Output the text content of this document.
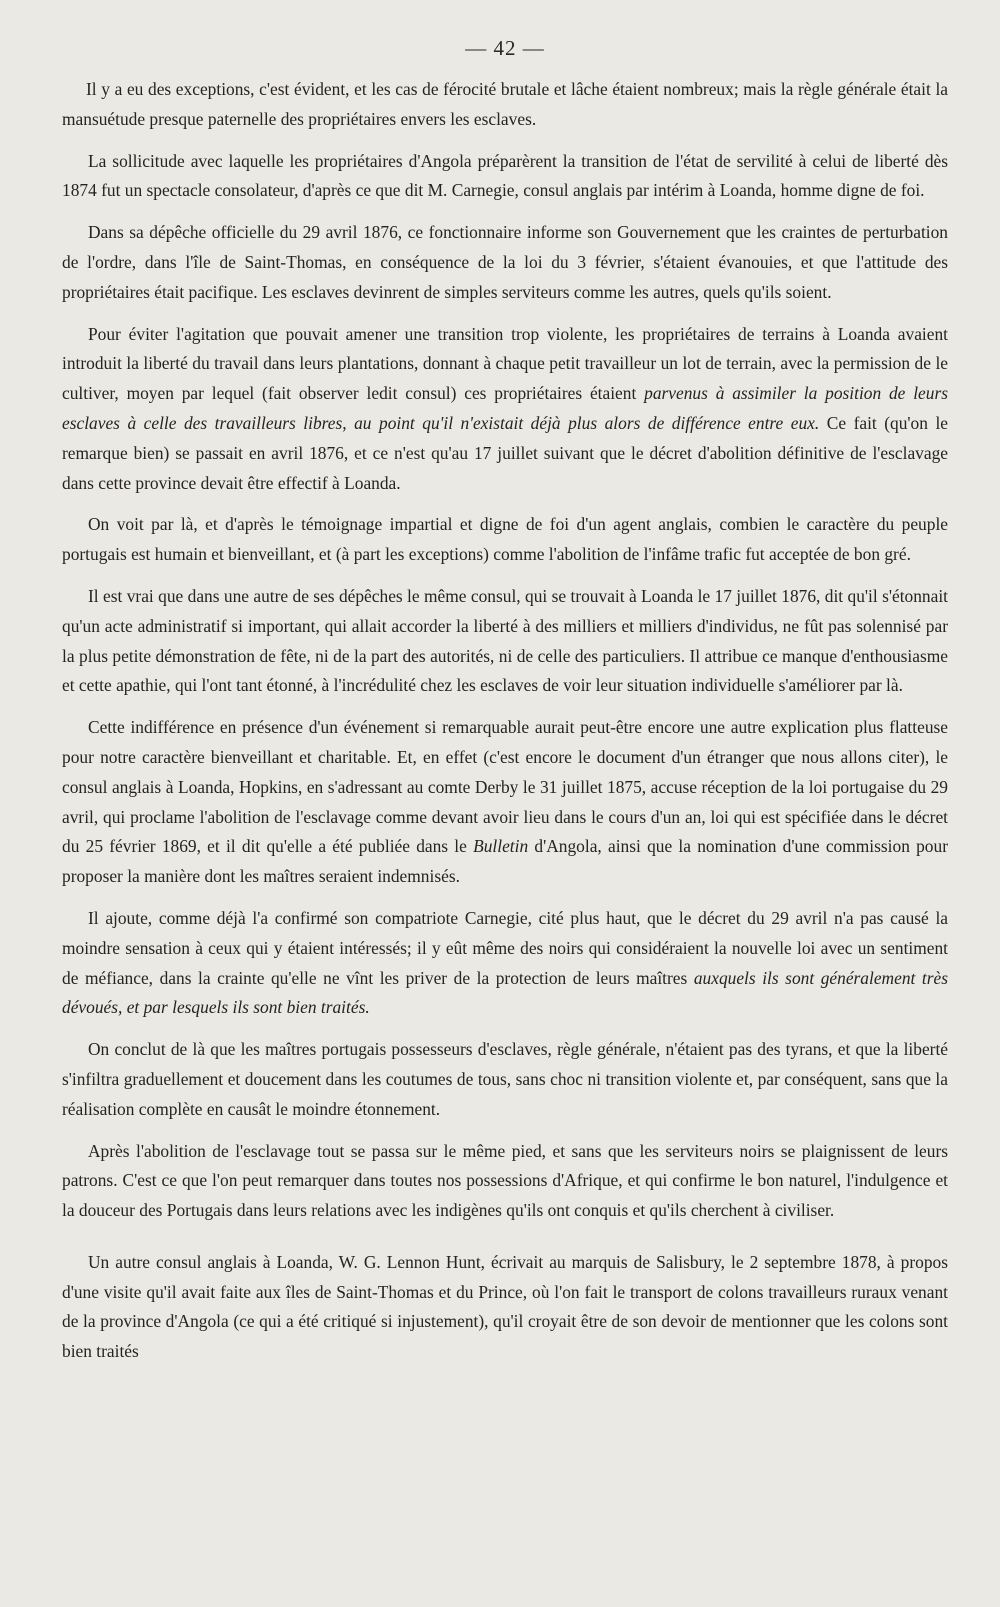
— 42 —

Il y a eu des exceptions, c'est évident, et les cas de férocité brutale et lâche étaient nombreux; mais la règle générale était la mansuétude presque paternelle des propriétaires envers les esclaves.

La sollicitude avec laquelle les propriétaires d'Angola préparèrent la transition de l'état de servilité à celui de liberté dès 1874 fut un spectacle consolateur, d'après ce que dit M. Carnegie, consul anglais par intérim à Loanda, homme digne de foi.

Dans sa dépêche officielle du 29 avril 1876, ce fonctionnaire informe son Gouvernement que les craintes de perturbation de l'ordre, dans l'île de Saint-Thomas, en conséquence de la loi du 3 février, s'étaient évanouies, et que l'attitude des propriétaires était pacifique. Les esclaves devinrent de simples serviteurs comme les autres, quels qu'ils soient.

Pour éviter l'agitation que pouvait amener une transition trop violente, les propriétaires de terrains à Loanda avaient introduit la liberté du travail dans leurs plantations, donnant à chaque petit travailleur un lot de terrain, avec la permission de le cultiver, moyen par lequel (fait observer ledit consul) ces propriétaires étaient parvenus à assimiler la position de leurs esclaves à celle des travailleurs libres, au point qu'il n'existait déjà plus alors de différence entre eux. Ce fait (qu'on le remarque bien) se passait en avril 1876, et ce n'est qu'au 17 juillet suivant que le décret d'abolition définitive de l'esclavage dans cette province devait être effectif à Loanda.

On voit par là, et d'après le témoignage impartial et digne de foi d'un agent anglais, combien le caractère du peuple portugais est humain et bienveillant, et (à part les exceptions) comme l'abolition de l'infâme trafic fut acceptée de bon gré.

Il est vrai que dans une autre de ses dépêches le même consul, qui se trouvait à Loanda le 17 juillet 1876, dit qu'il s'étonnait qu'un acte administratif si important, qui allait accorder la liberté à des milliers et milliers d'individus, ne fût pas solennisé par la plus petite démonstration de fête, ni de la part des autorités, ni de celle des particuliers. Il attribue ce manque d'enthousiasme et cette apathie, qui l'ont tant étonné, à l'incrédulité chez les esclaves de voir leur situation individuelle s'améliorer par là.

Cette indifférence en présence d'un événement si remarquable aurait peut-être encore une autre explication plus flatteuse pour notre caractère bienveillant et charitable. Et, en effet (c'est encore le document d'un étranger que nous allons citer), le consul anglais à Loanda, Hopkins, en s'adressant au comte Derby le 31 juillet 1875, accuse réception de la loi portugaise du 29 avril, qui proclame l'abolition de l'esclavage comme devant avoir lieu dans le cours d'un an, loi qui est spécifiée dans le décret du 25 février 1869, et il dit qu'elle a été publiée dans le Bulletin d'Angola, ainsi que la nomination d'une commission pour proposer la manière dont les maîtres seraient indemnisés.

Il ajoute, comme déjà l'a confirmé son compatriote Carnegie, cité plus haut, que le décret du 29 avril n'a pas causé la moindre sensation à ceux qui y étaient intéressés; il y eût même des noirs qui considéraient la nouvelle loi avec un sentiment de méfiance, dans la crainte qu'elle ne vînt les priver de la protection de leurs maîtres auxquels ils sont généralement très dévoués, et par lesquels ils sont bien traités.

On conclut de là que les maîtres portugais possesseurs d'esclaves, règle générale, n'étaient pas des tyrans, et que la liberté s'infiltra graduellement et doucement dans les coutumes de tous, sans choc ni transition violente et, par conséquent, sans que la réalisation complète en causât le moindre étonnement.

Après l'abolition de l'esclavage tout se passa sur le même pied, et sans que les serviteurs noirs se plaignissent de leurs patrons. C'est ce que l'on peut remarquer dans toutes nos possessions d'Afrique, et qui confirme le bon naturel, l'indulgence et la douceur des Portugais dans leurs relations avec les indigènes qu'ils ont conquis et qu'ils cherchent à civiliser.

Un autre consul anglais à Loanda, W. G. Lennon Hunt, écrivait au marquis de Salisbury, le 2 septembre 1878, à propos d'une visite qu'il avait faite aux îles de Saint-Thomas et du Prince, où l'on fait le transport de colons travailleurs ruraux venant de la province d'Angola (ce qui a été critiqué si injustement), qu'il croyait être de son devoir de mentionner que les colons sont bien traités
